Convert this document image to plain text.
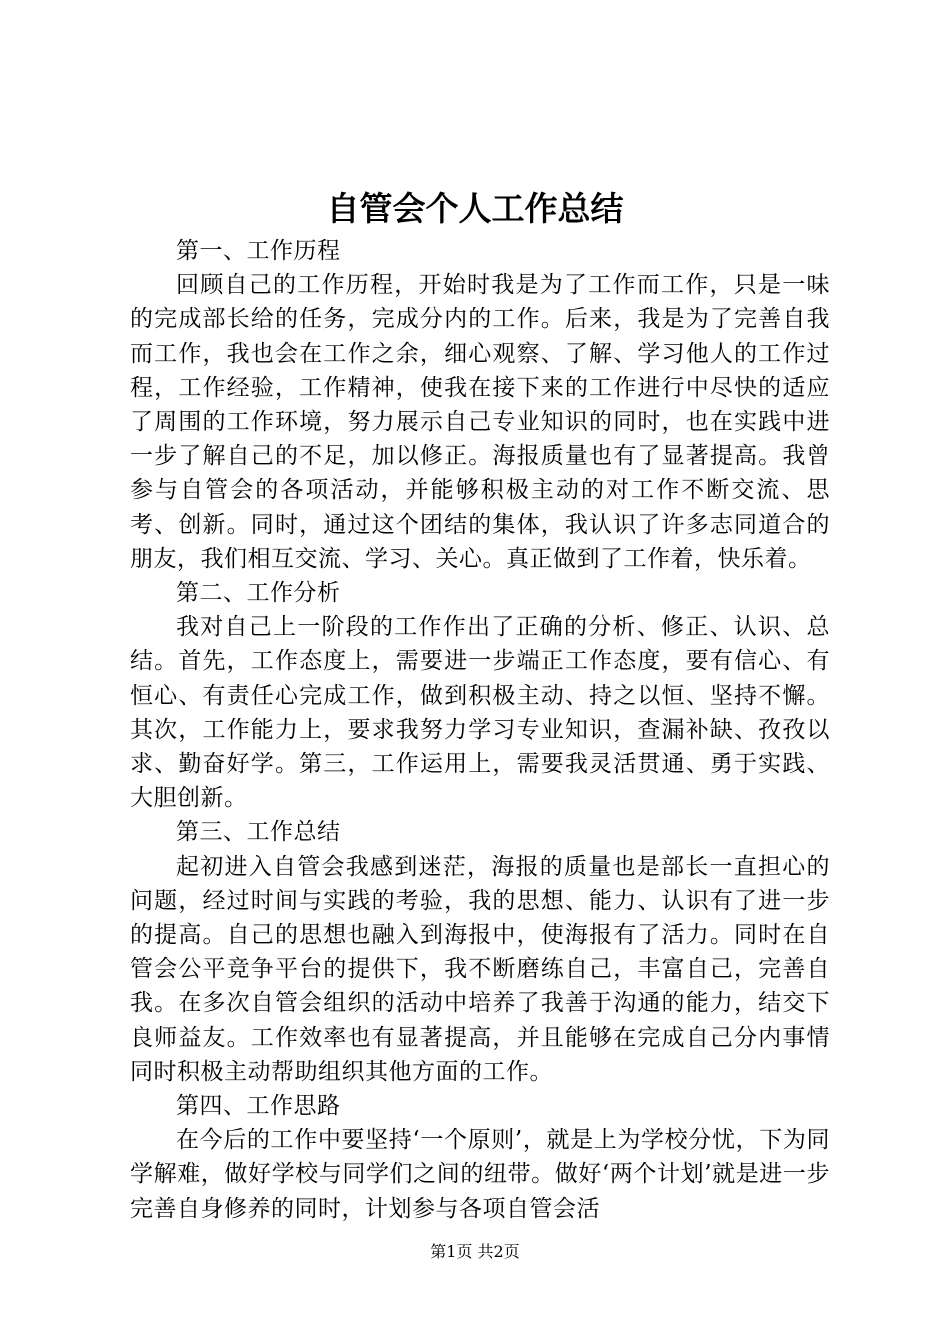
自管会个人工作总结

第一、工作历程

回顾自己的工作历程，开始时我是为了工作而工作，只是一味的完成部长给的任务，完成分内的工作。后来，我是为了完善自我而工作，我也会在工作之余，细心观察、了解、学习他人的工作过程，工作经验，工作精神，使我在接下来的工作进行中尽快的适应了周围的工作环境，努力展示自己专业知识的同时，也在实践中进一步了解自己的不足，加以修正。海报质量也有了显著提高。我曾参与自管会的各项活动，并能够积极主动的对工作不断交流、思考、创新。同时，通过这个团结的集体，我认识了许多志同道合的朋友，我们相互交流、学习、关心。真正做到了工作着，快乐着。

第二、工作分析

我对自己上一阶段的工作作出了正确的分析、修正、认识、总结。首先，工作态度上，需要进一步端正工作态度，要有信心、有恒心、有责任心完成工作，做到积极主动、持之以恒、坚持不懈。其次，工作能力上，要求我努力学习专业知识，查漏补缺、孜孜以求、勤奋好学。第三，工作运用上，需要我灵活贯通、勇于实践、大胆创新。

第三、工作总结

起初进入自管会我感到迷茫，海报的质量也是部长一直担心的问题，经过时间与实践的考验，我的思想、能力、认识有了进一步的提高。自己的思想也融入到海报中，使海报有了活力。同时在自管会公平竞争平台的提供下，我不断磨练自己，丰富自己，完善自我。在多次自管会组织的活动中培养了我善于沟通的能力，结交下良师益友。工作效率也有显著提高，并且能够在完成自己分内事情同时积极主动帮助组织其他方面的工作。

第四、工作思路

在今后的工作中要坚持‘一个原则’，就是上为学校分忧，下为同学解难，做好学校与同学们之间的纽带。做好‘两个计划’就是进一步完善自身修养的同时，计划参与各项自管会活

第1页 共2页
